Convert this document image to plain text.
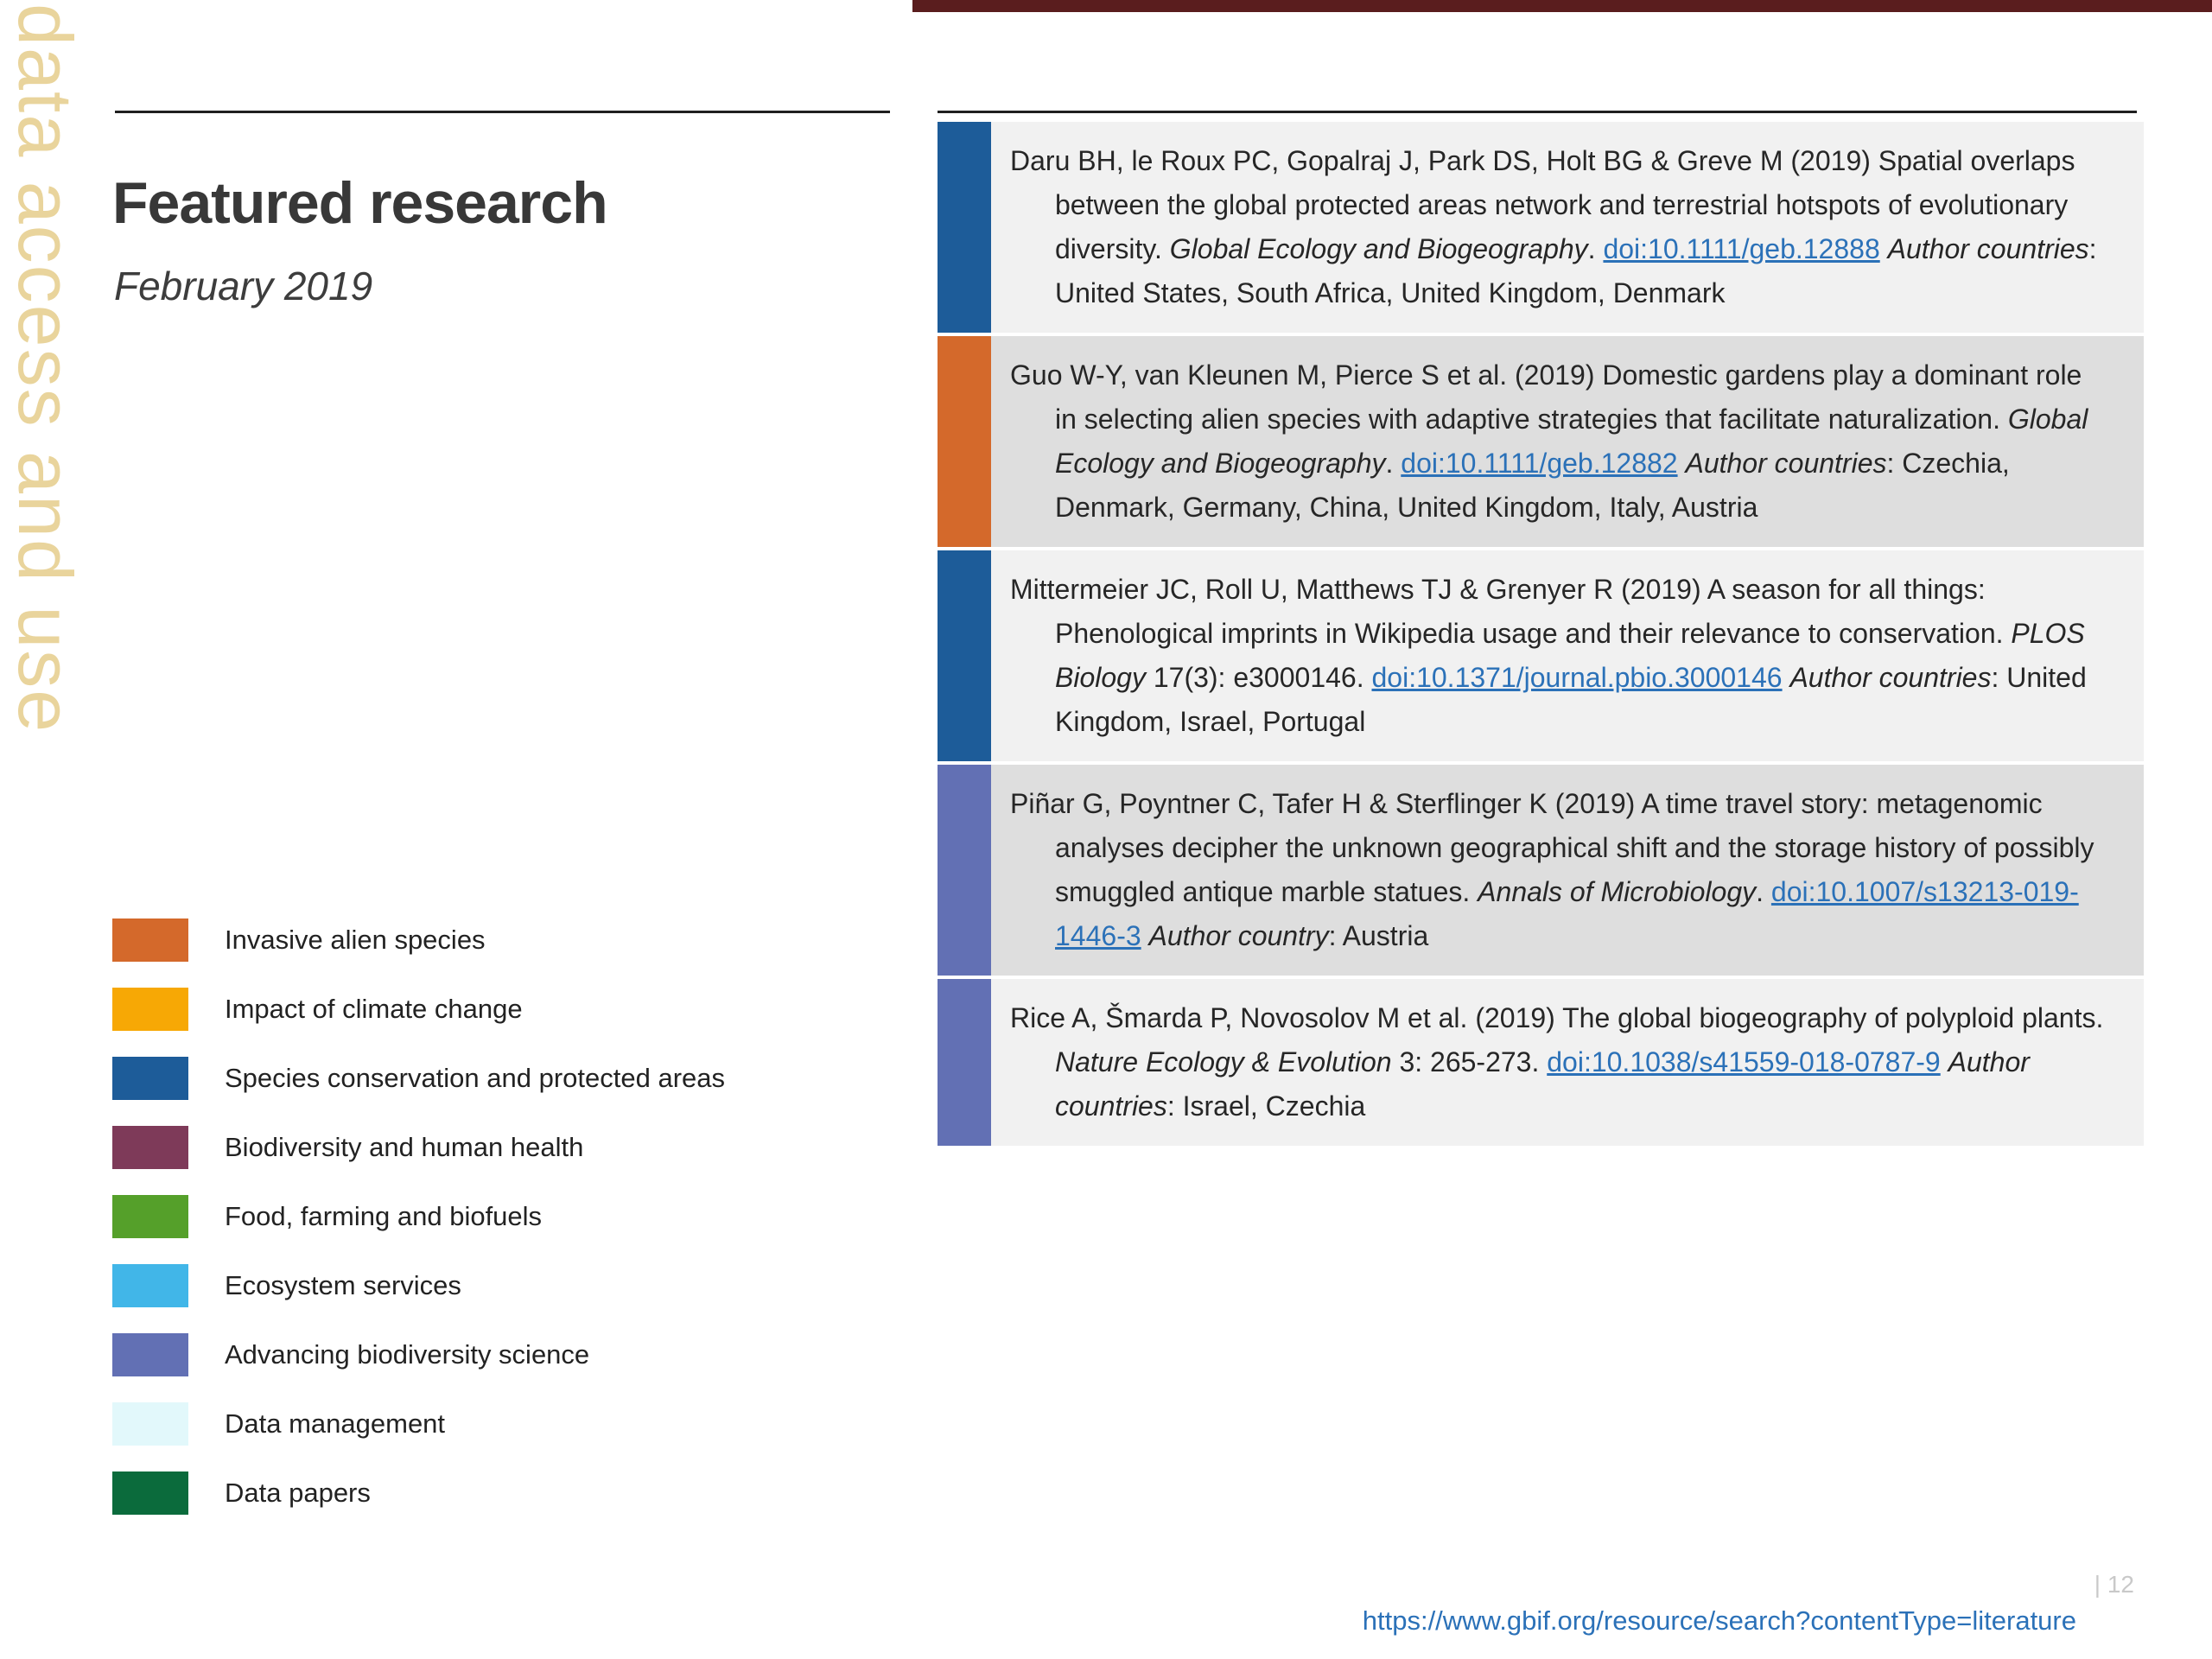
data access and use Featured research
February 2019
Invasive alien species
Impact of climate change
Species conservation and protected areas
Biodiversity and human health
Food, farming and biofuels
Ecosystem services
Advancing biodiversity science
Data management
Data papers

Daru BH, le Roux PC, Gopalraj J, Park DS, Holt BG & Greve M (2019) Spatial overlaps between the global protected areas network and terrestrial hotspots of evolutionary diversity. Global Ecology and Biogeography. doi:10.1111/geb.12888 Author countries: United States, South Africa, United Kingdom, Denmark

Guo W-Y, van Kleunen M, Pierce S et al. (2019) Domestic gardens play a dominant role in selecting alien species with adaptive strategies that facilitate naturalization. Global Ecology and Biogeography. doi:10.1111/geb.12882 Author countries: Czechia, Denmark, Germany, China, United Kingdom, Italy, Austria

Mittermeier JC, Roll U, Matthews TJ & Grenyer R (2019) A season for all things: Phenological imprints in Wikipedia usage and their relevance to conservation. PLOS Biology 17(3): e3000146. doi:10.1371/journal.pbio.3000146 Author countries: United Kingdom, Israel, Portugal

Piñar G, Poyntner C, Tafer H & Sterflinger K (2019) A time travel story: metagenomic analyses decipher the unknown geographical shift and the storage history of possibly smuggled antique marble statues. Annals of Microbiology. doi:10.1007/s13213-019-1446-3 Author country: Austria

Rice A, Šmarda P, Novosolov M et al. (2019) The global biogeography of polyploid plants. Nature Ecology & Evolution 3: 265-273. doi:10.1038/s41559-018-0787-9 Author countries: Israel, Czechia

| 12
https://www.gbif.org/resource/search?contentType=literature
